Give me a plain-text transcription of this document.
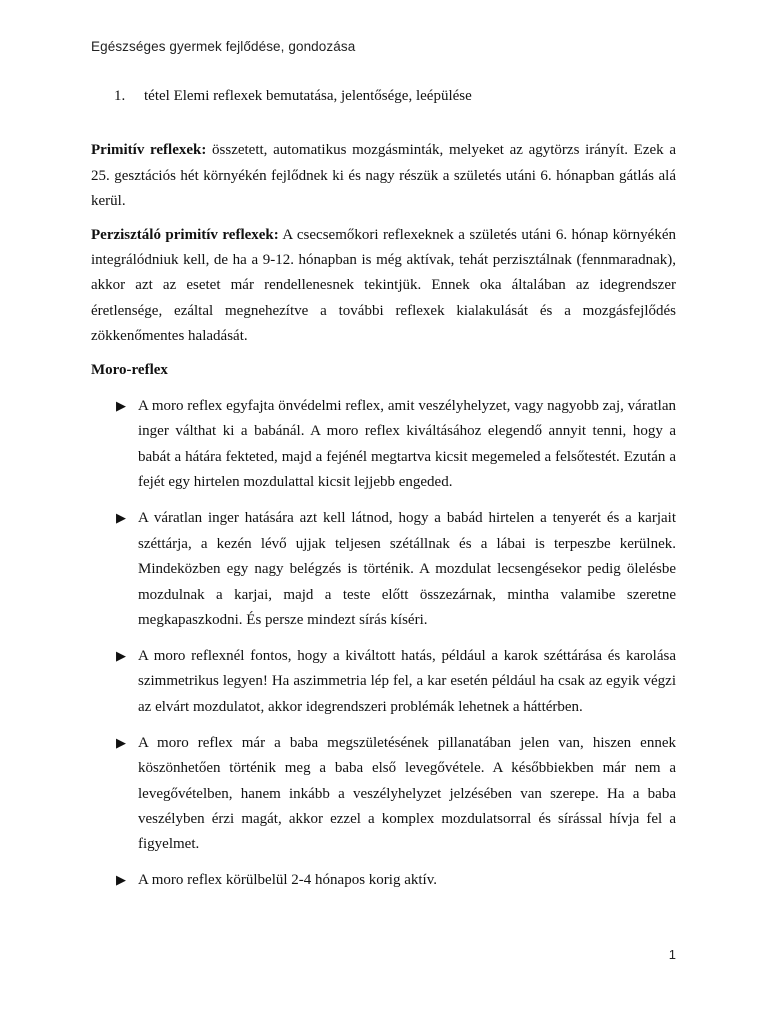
Egészséges gyermek fejlődése, gondozása
1.	tétel Elemi reflexek bemutatása, jelentősége, leépülése

Primitív reflexek: összetett, automatikus mozgásminták, melyeket az agytörzs irányít. Ezek a 25. gesztációs hét környékén fejlődnek ki és nagy részük a születés utáni 6. hónapban gátlás alá kerül.

Perzisztáló primitív reflexek: A csecsemőkori reflexeknek a születés utáni 6. hónap környékén integrálódniuk kell, de ha a 9-12. hónapban is még aktívak, tehát perzisztálnak (fennmaradnak), akkor azt az esetet már rendellenesnek tekintjük. Ennek oka általában az idegrendszer éretlensége, ezáltal megnehezítve a további reflexek kialakulását és a mozgásfejlődés zökkenőmentes haladását.

Moro-reflex
▶ A moro reflex egyfajta önvédelmi reflex, amit veszélyhelyzet, vagy nagyobb zaj, váratlan inger válthat ki a babánál. A moro reflex kiváltásához elegendő annyit tenni, hogy a babát a hátára fekteted, majd a fejénél megtartva kicsit megemeled a felsőtestét. Ezután a fejét egy hirtelen mozdulattal kicsit lejjebb engeded.
▶ A váratlan inger hatására azt kell látnod, hogy a babád hirtelen a tenyerét és a karjait széttárja, a kezén lévő ujjak teljesen szétállnak és a lábai is terpeszbe kerülnek. Mindeközben egy nagy belégzés is történik. A mozdulat lecsengésekor pedig ölelésbe mozdulnak a karjai, majd a teste előtt összezárnak, mintha valamibe szeretne megkapaszkodni. És persze mindezt sírás kíséri.
▶ A moro reflexnél fontos, hogy a kiváltott hatás, például a karok széttárása és karolása szimmetrikus legyen! Ha aszimmetria lép fel, a kar esetén például ha csak az egyik végzi az elvárt mozdulatot, akkor idegrendszeri problémák lehetnek a háttérben.
▶ A moro reflex már a baba megszületésének pillanatában jelen van, hiszen ennek köszönhetően történik meg a baba első levegővétele. A későbbiekben már nem a levegővételben, hanem inkább a veszélyhelyzet jelzésében van szerepe. Ha a baba veszélyben érzi magát, akkor ezzel a komplex mozdulatsorral és sírással hívja fel a figyelmet.
▶ A moro reflex körülbelül 2-4 hónapos korig aktív.
1
